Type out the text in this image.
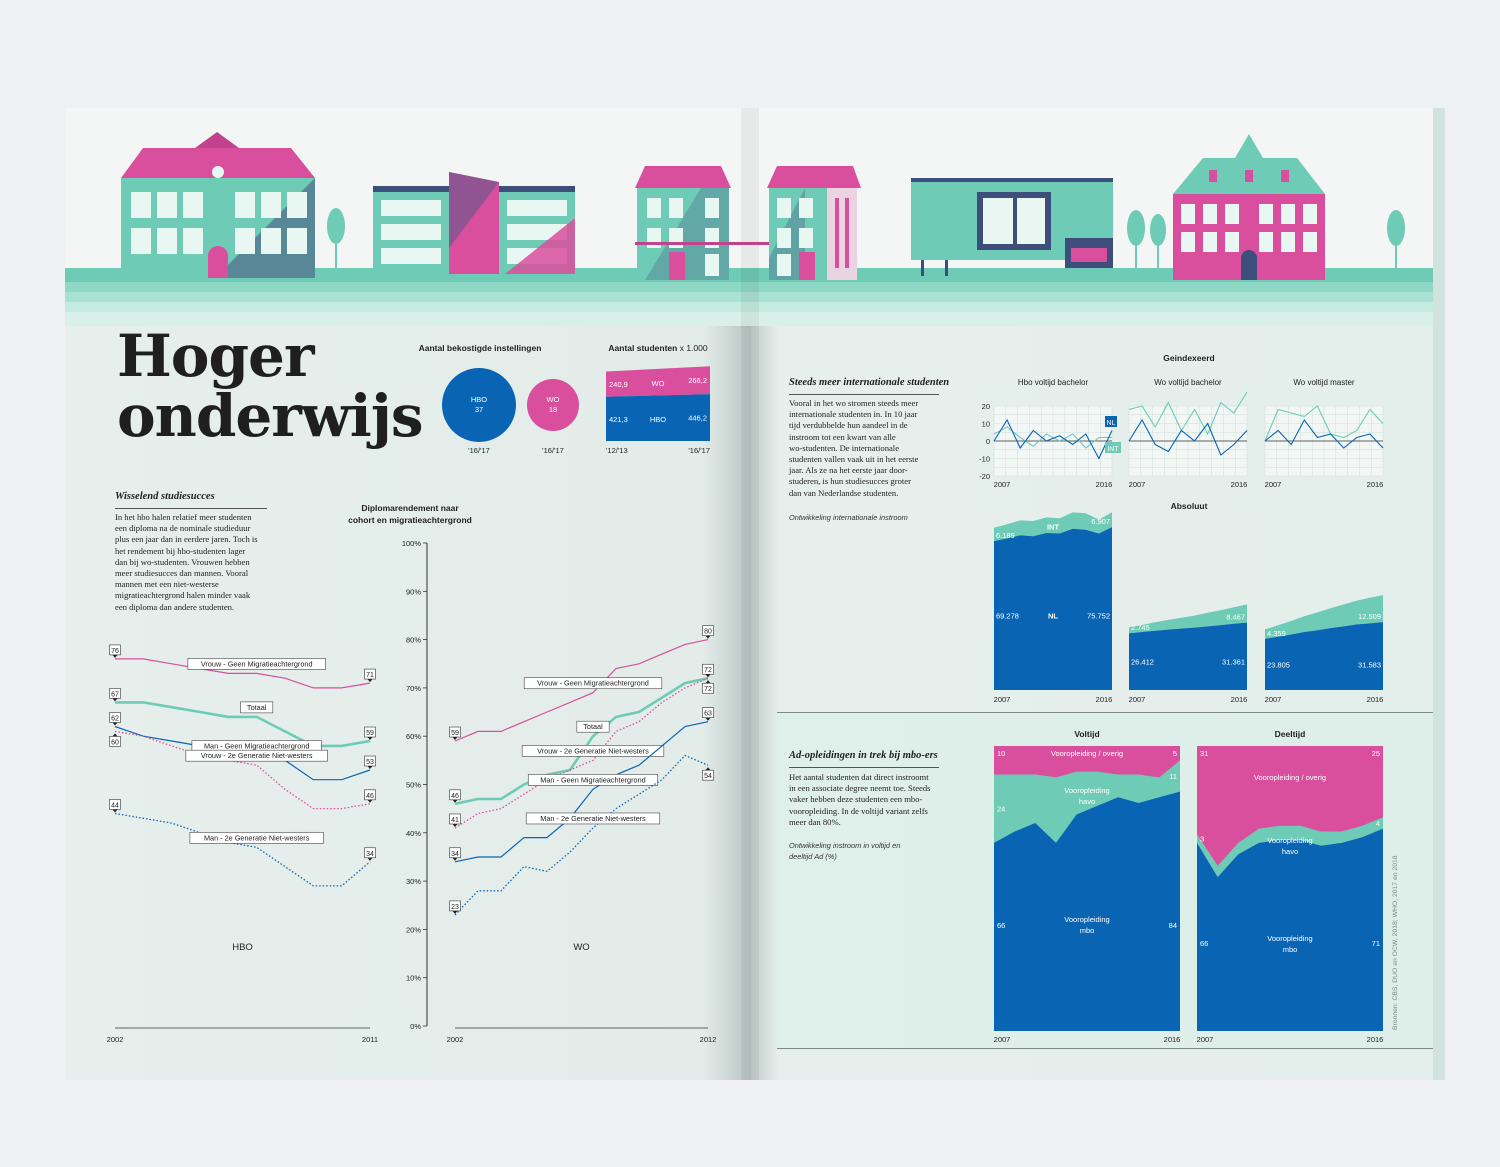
HBO
37
WO
18
'16/'17	'16/'17
240,9	266,2
WO
421,3	446,2
HBO
'12/'13	'16/'17
0%
10%
20%
30%
40%
50%
60%
70%
80%
90%
100%
2002	2011
HBO
76
71
Vrouw - Geen Migratieachtergrond
67
59
Totaal
62
53
Man - Geen Migratieachtergrond
60
46
Vrouw - 2e Generatie Niet-westers
44
34
Man - 2e Generatie Niet-westers
2002	2012
WO
59
80
Vrouw - Geen Migratieachtergrond
46
72
Totaal
41
72
Vrouw - 2e Generatie Niet-westers
34
63
Man - Geen Migratieachtergrond
23
54
Man - 2e Generatie Niet-westers
Geindexeerd
20
10
0
-10
-20
Hbo voltijd bachelor
2007	2016
Wo voltijd bachelor
2007	2016
Wo voltijd master
2007	2016
NL
INT
Absoluut
6.189
6.907
69.278	75.752
NL
INT
2007	2016
2.745
8.467
26.412	31.361
2007	2016
4.359
12.509
23.805	31.583
2007	2016
Voltijd
10	5
Vooropleiding / overig
24
11
Vooropleiding
havo
66	84
Vooropleiding
mbo
2007	2016
Deeltijd
31	25
Vooropleiding / overig
3
4
Vooropleiding
havo
66	71
Vooropleiding
mbo
2007	2016
Hoger
onderwijs
Aantal bekostigde instellingen	Aantal studenten x 1.000
Wisselend studiesucces
In het hbo halen relatief meer studenten
een diploma na de nominale studieduur
plus een jaar dan in eerdere jaren. Toch is
het rendement bij hbo-studenten lager
dan bij wo-studenten. Vrouwen hebben
meer studiesucces dan mannen. Vooral
mannen met een niet-westerse
migratieachtergrond halen minder vaak
een diploma dan andere studenten.
Diplomarendement naar
cohort en migratieachtergrond
Steeds meer internationale studenten
Vooral in het wo stromen steeds meer
internationale studenten in. In 10 jaar
tijd verdubbelde hun aandeel in de
instroom tot een kwart van alle
wo-studenten. De internationale
studenten vallen vaak uit in het eerste
jaar. Als ze na het eerste jaar door-
studeren, is hun studiesucces groter
dan van Nederlandse studenten.
Ontwikkeling internationale instroom
Ad-opleidingen in trek bij mbo-ers
Het aantal studenten dat direct instroomt
in een associate degree neemt toe. Steeds
vaker hebben deze studenten een mbo-
vooropleiding. In de voltijd variant zelfs
meer dan 80%.
Ontwikkeling instroom in voltijd en
deeltijd Ad (%)	Bronnen: CBS, DUO en OCW, 2018; WHO, 2017 en 2018
